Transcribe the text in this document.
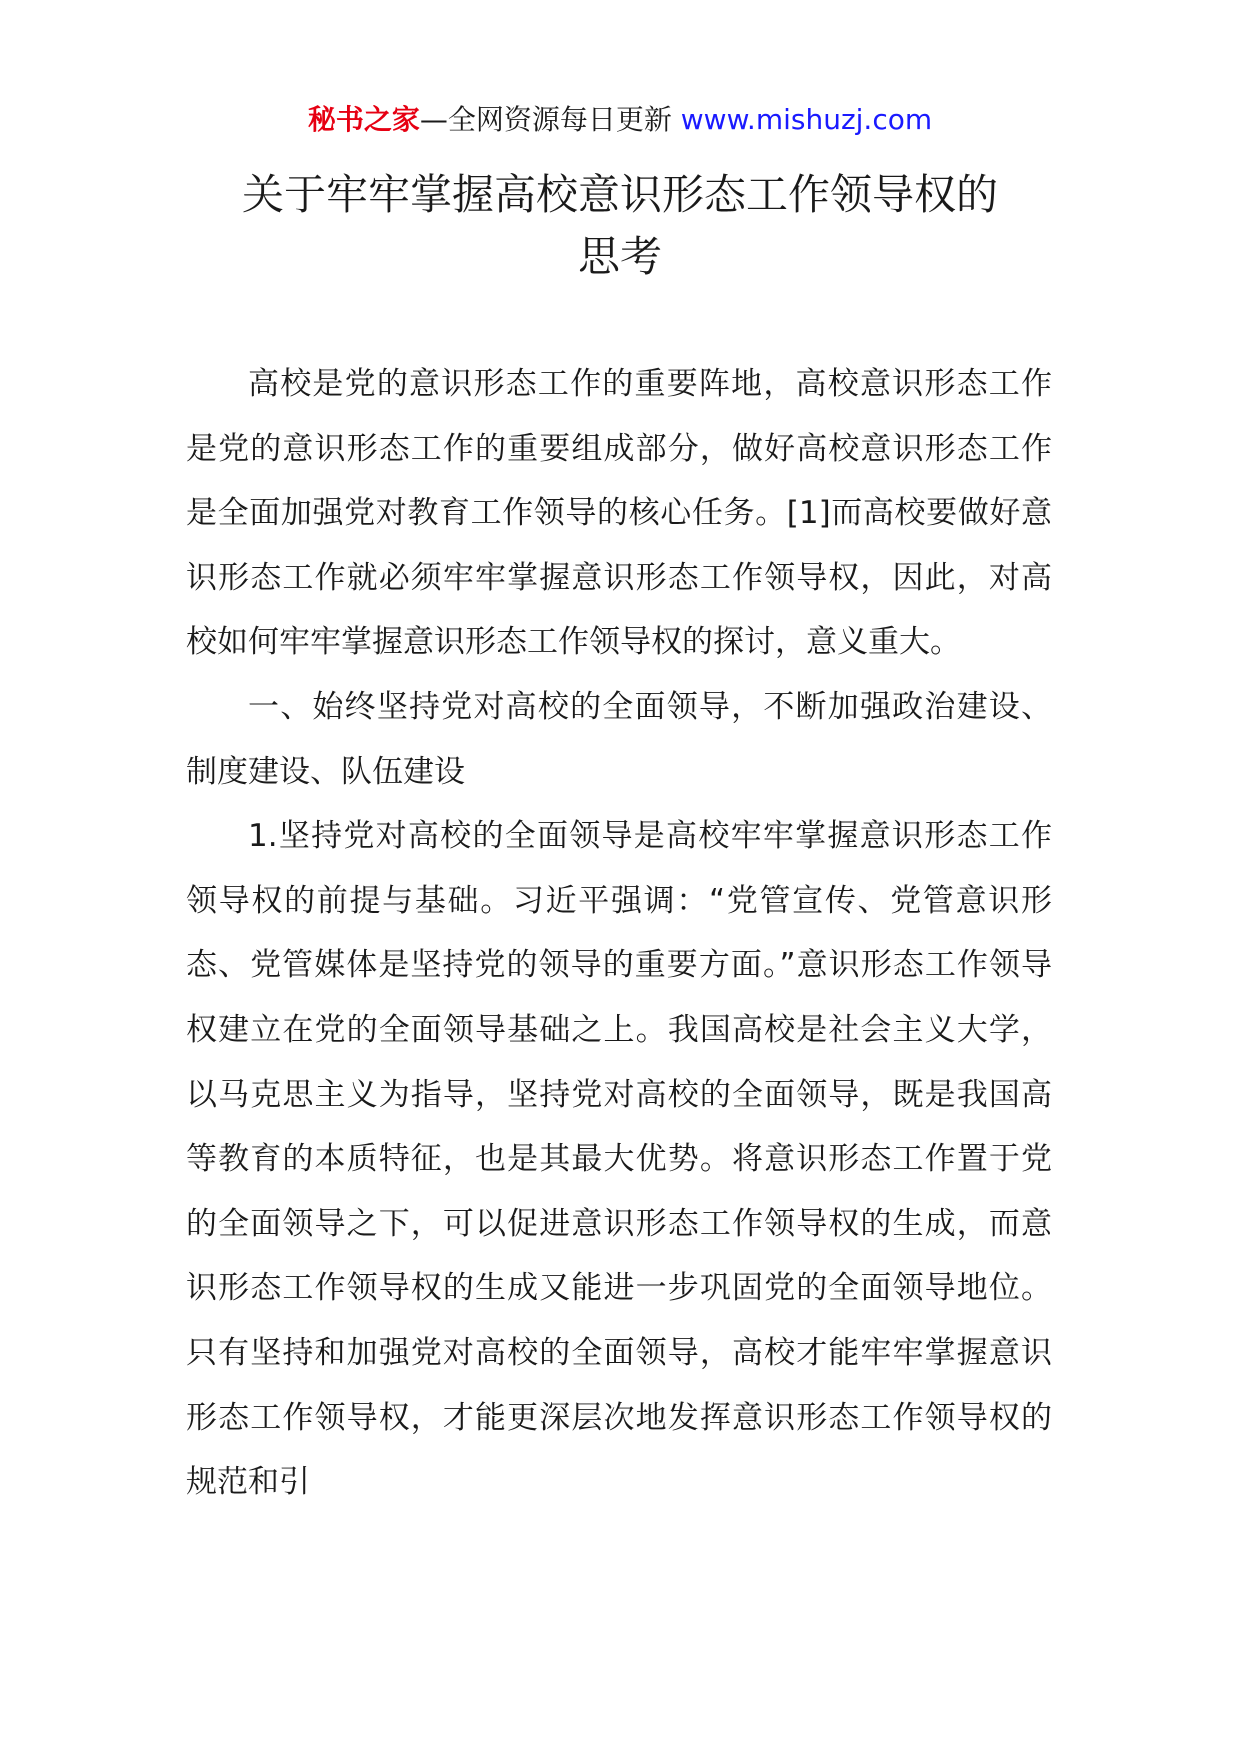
秘书之家—全网资源每日更新 www.mishuzj.com
关于牢牢掌握高校意识形态工作领导权的
思考

高校是党的意识形态工作的重要阵地，高校意识形态工作是党的意识形态工作的重要组成部分，做好高校意识形态工作是全面加强党对教育工作领导的核心任务。[1]而高校要做好意识形态工作就必须牢牢掌握意识形态工作领导权，因此，对高校如何牢牢掌握意识形态工作领导权的探讨，意义重大。

一、始终坚持党对高校的全面领导，不断加强政治建设、制度建设、队伍建设

1.坚持党对高校的全面领导是高校牢牢掌握意识形态工作领导权的前提与基础。习近平强调：“党管宣传、党管意识形态、党管媒体是坚持党的领导的重要方面。”意识形态工作领导权建立在党的全面领导基础之上。我国高校是社会主义大学，以马克思主义为指导，坚持党对高校的全面领导，既是我国高等教育的本质特征，也是其最大优势。将意识形态工作置于党的全面领导之下，可以促进意识形态工作领导权的生成，而意识形态工作领导权的生成又能进一步巩固党的全面领导地位。只有坚持和加强党对高校的全面领导，高校才能牢牢掌握意识形态工作领导权，才能更深层次地发挥意识形态工作领导权的规范和引
